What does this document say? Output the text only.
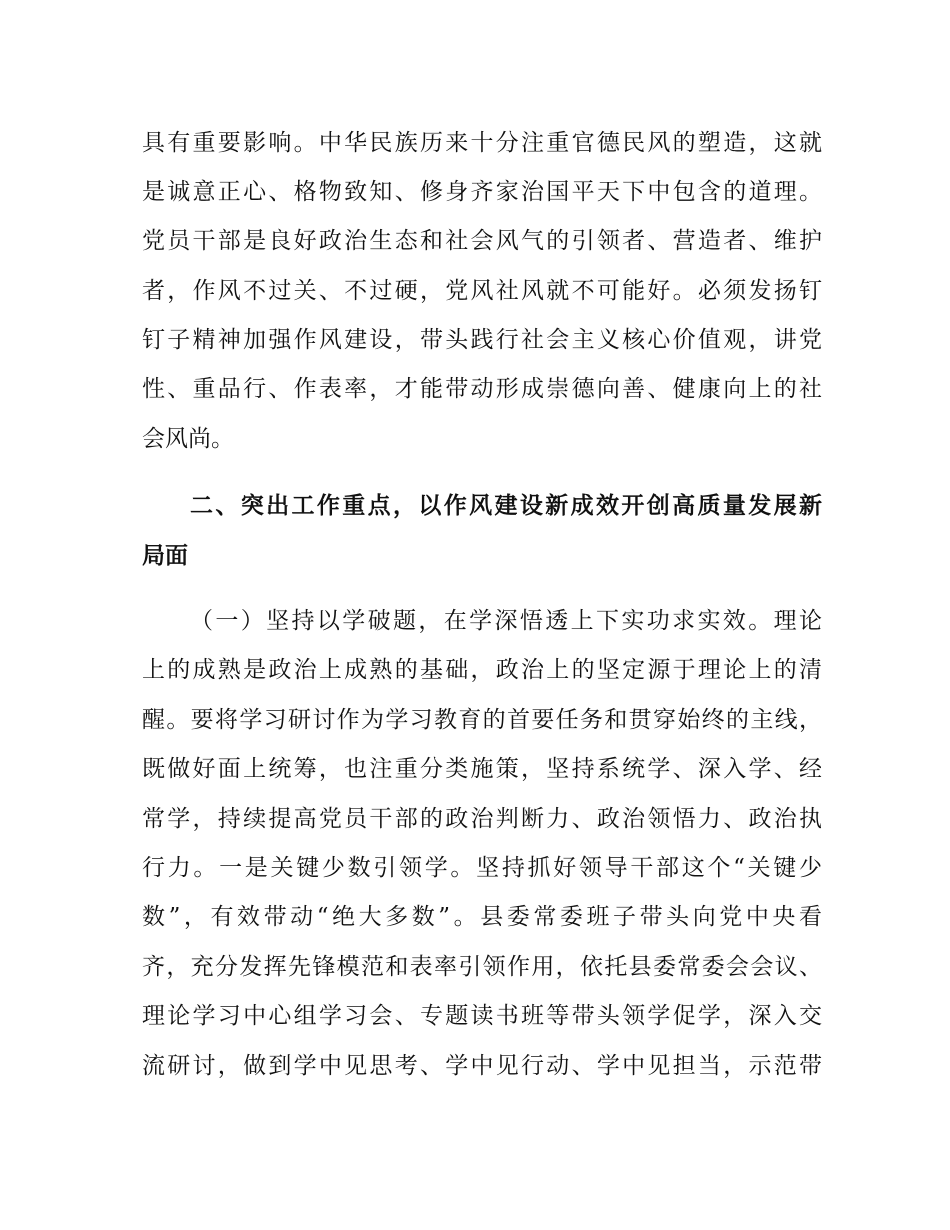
具有重要影响。中华民族历来十分注重官德民风的塑造，这就
是诚意正心、格物致知、修身齐家治国平天下中包含的道理。
党员干部是良好政治生态和社会风气的引领者、营造者、维护
者，作风不过关、不过硬，党风社风就不可能好。必须发扬钉
钉子精神加强作风建设，带头践行社会主义核心价值观，讲党
性、重品行、作表率，才能带动形成崇德向善、健康向上的社
会风尚。
二、突出工作重点，以作风建设新成效开创高质量发展新
局面
（一）坚持以学破题，在学深悟透上下实功求实效。理论
上的成熟是政治上成熟的基础，政治上的坚定源于理论上的清
醒。要将学习研讨作为学习教育的首要任务和贯穿始终的主线，
既做好面上统筹，也注重分类施策，坚持系统学、深入学、经
常学，持续提高党员干部的政治判断力、政治领悟力、政治执
行力。一是关键少数引领学。坚持抓好领导干部这个“关键少
数”，有效带动“绝大多数”。县委常委班子带头向党中央看
齐，充分发挥先锋模范和表率引领作用，依托县委常委会会议、
理论学习中心组学习会、专题读书班等带头领学促学，深入交
流研讨，做到学中见思考、学中见行动、学中见担当，示范带
